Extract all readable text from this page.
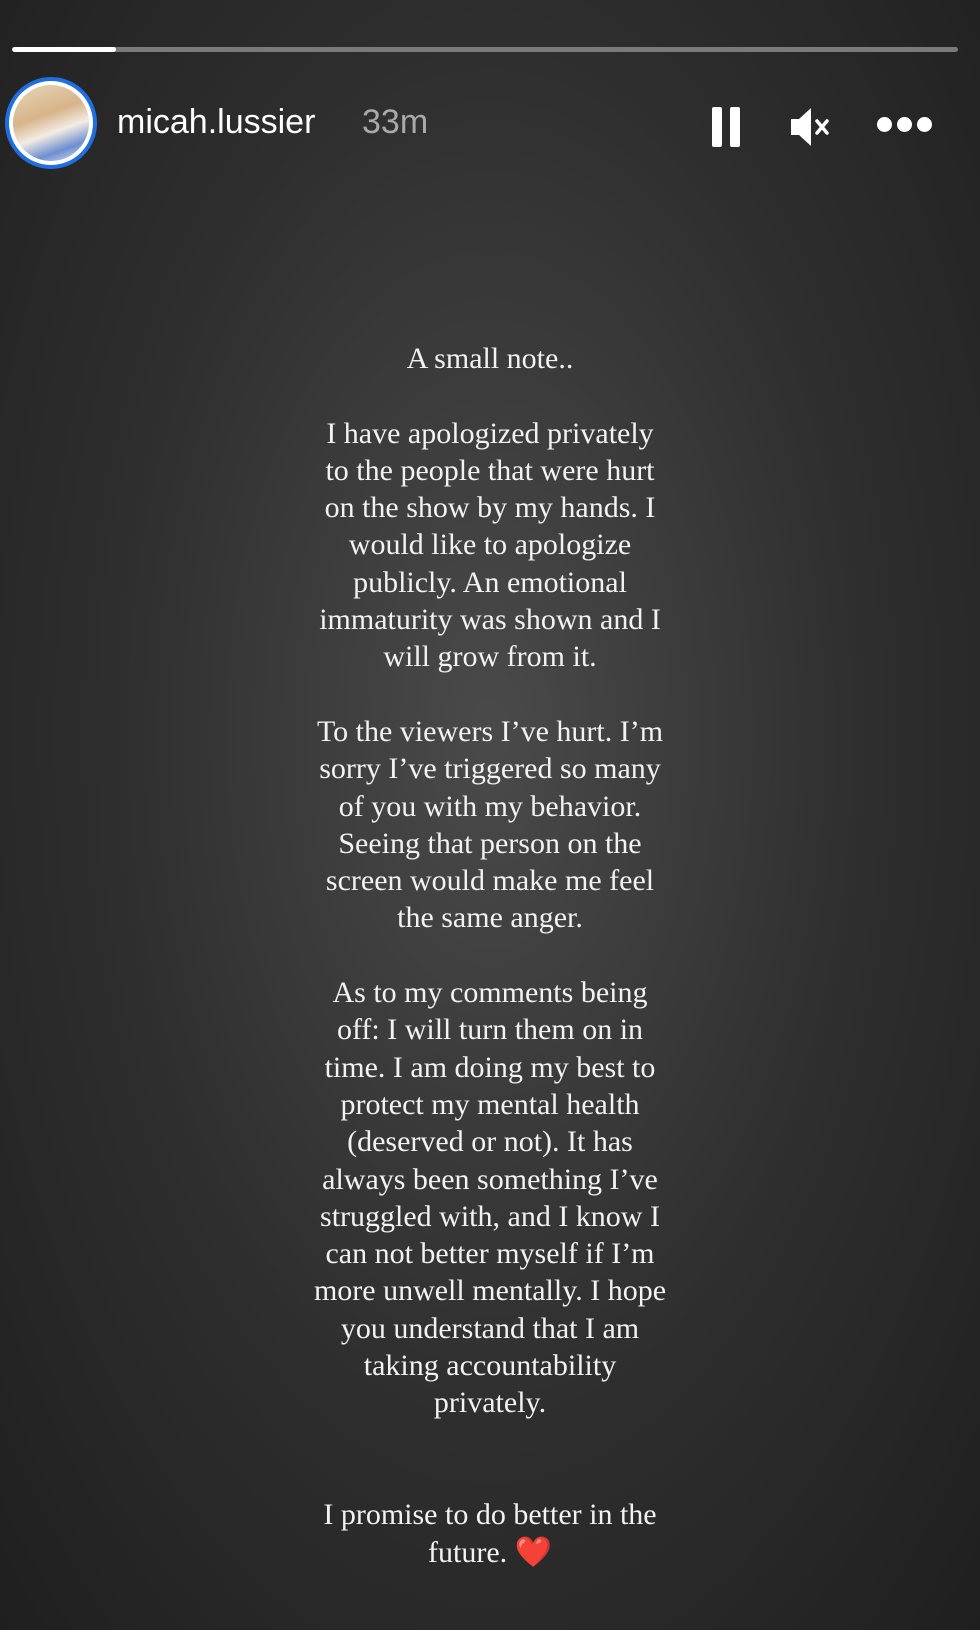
micah.lussier 33m
A small note..
I have apologized privately
to the people that were hurt
on the show by my hands. I
would like to apologize
publicly. An emotional
immaturity was shown and I
will grow from it.
To the viewers I’ve hurt. I’m
sorry I’ve triggered so many
of you with my behavior.
Seeing that person on the
screen would make me feel
the same anger.
As to my comments being
off: I will turn them on in
time. I am doing my best to
protect my mental health
(deserved or not). It has
always been something I’ve
struggled with, and I know I
can not better myself if I’m
more unwell mentally. I hope
you understand that I am
taking accountability
privately.
I promise to do better in the
future. ❤️
